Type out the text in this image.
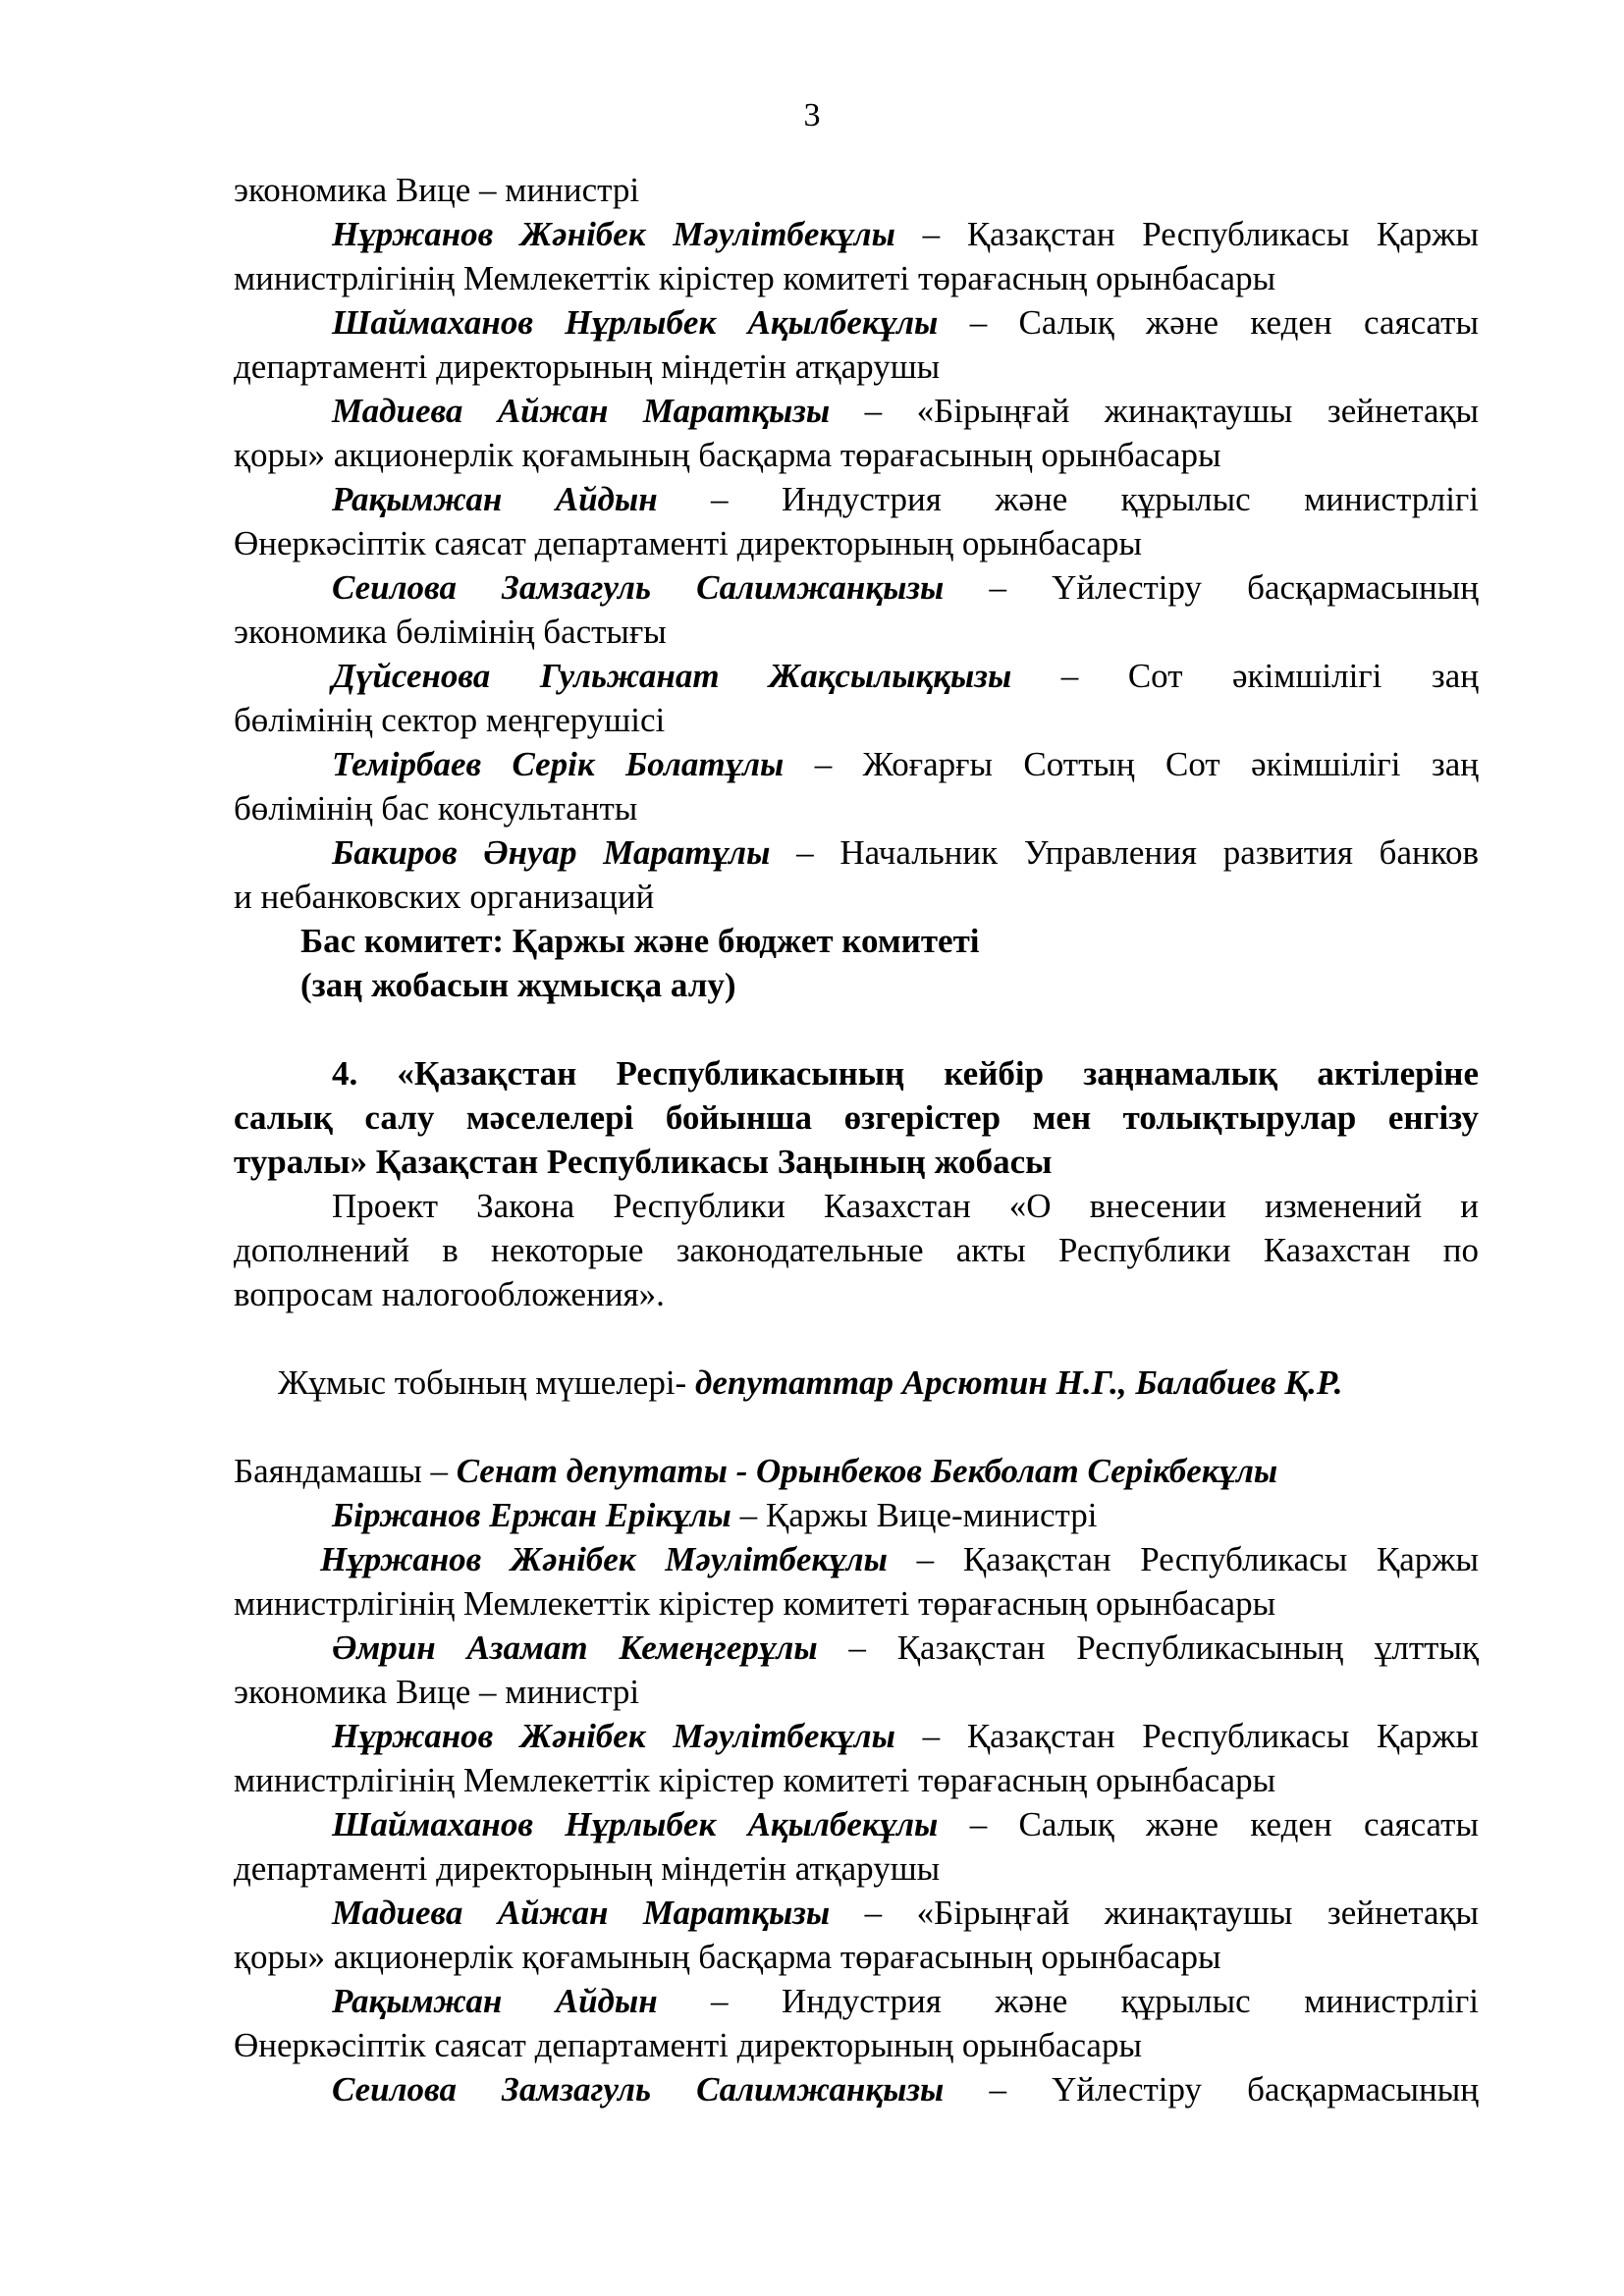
3
экономика Вице – министрі
Нұржанов Жәнібек Мәулітбекұлы – Қазақстан Республикасы Қаржы
министрлігінің Мемлекеттік кірістер комитеті төрағасның орынбасары
Шаймаханов Нұрлыбек Ақылбекұлы – Салық және кеден саясаты
департаменті директорының міндетін атқарушы
Мадиева Айжан Маратқызы – «Бірыңғай жинақтаушы зейнетақы
қоры» акционерлік қоғамының басқарма төрағасының орынбасары
Рақымжан Айдын – Индустрия және құрылыс министрлігі
Өнеркәсіптік саясат департаменті директорының орынбасары
Сеилова Замзагуль Салимжанқызы – Үйлестіру басқармасының
экономика бөлімінің бастығы
Дүйсенова Гульжанат Жақсылыққызы – Сот әкімшілігі заң
бөлімінің сектор меңгерушісі
Темірбаев Серік Болатұлы – Жоғарғы Соттың Сот әкімшілігі заң
бөлімінің бас консультанты
Бакиров Әнуар Маратұлы – Начальник Управления развития банков
и небанковских организаций
Бас комитет: Қаржы және бюджет комитеті
(заң жобасын жұмысқа алу)
4. «Қазақстан Республикасының кейбір заңнамалық актілеріне
салық салу мәселелері бойынша өзгерістер мен толықтырулар енгізу
туралы» Қазақстан Республикасы Заңының жобасы
Проект Закона Республики Казахстан «О внесении изменений и
дополнений в некоторые законодательные акты Республики Казахстан по
вопросам налогообложения».
Жұмыс тобының мүшелері- депутаттар Арсютин Н.Г., Балабиев Қ.Р.
Баяндамашы – Сенат депутаты - Орынбеков Бекболат Серікбекұлы
Біржанов Ержан Ерікұлы – Қаржы Вице-министрі
Нұржанов Жәнібек Мәулітбекұлы – Қазақстан Республикасы Қаржы
министрлігінің Мемлекеттік кірістер комитеті төрағасның орынбасары
Әмрин Азамат Кемеңгерұлы – Қазақстан Республикасының ұлттық
экономика Вице – министрі
Нұржанов Жәнібек Мәулітбекұлы – Қазақстан Республикасы Қаржы
министрлігінің Мемлекеттік кірістер комитеті төрағасның орынбасары
Шаймаханов Нұрлыбек Ақылбекұлы – Салық және кеден саясаты
департаменті директорының міндетін атқарушы
Мадиева Айжан Маратқызы – «Бірыңғай жинақтаушы зейнетақы
қоры» акционерлік қоғамының басқарма төрағасының орынбасары
Рақымжан Айдын – Индустрия және құрылыс министрлігі
Өнеркәсіптік саясат департаменті директорының орынбасары
Сеилова Замзагуль Салимжанқызы – Үйлестіру басқармасының
